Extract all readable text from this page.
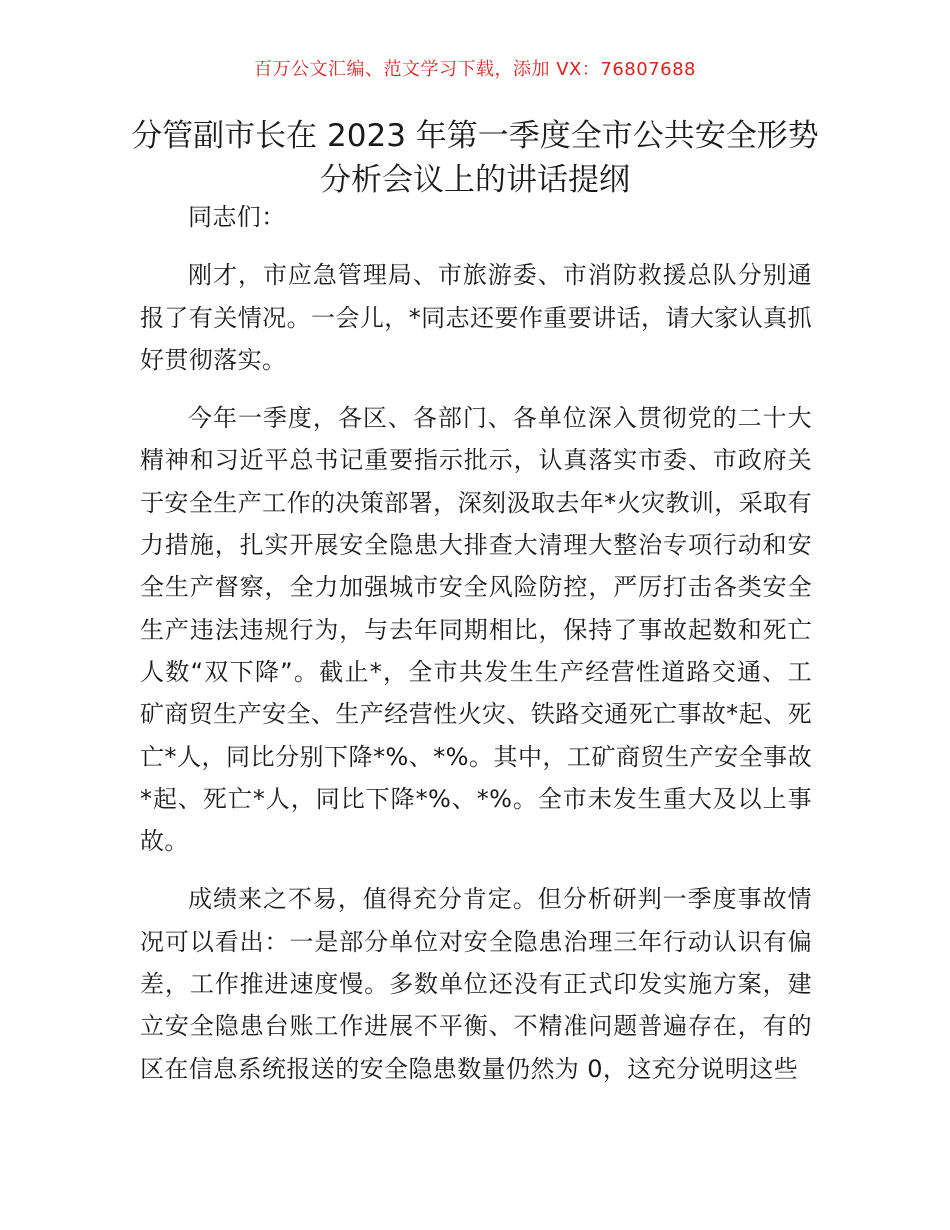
百万公文汇编、范文学习下载，添加 VX：76807688
分管副市长在 2023 年第一季度全市公共安全形势分析会议上的讲话提纲

同志们：

刚才，市应急管理局、市旅游委、市消防救援总队分别通报了有关情况。一会儿，*同志还要作重要讲话，请大家认真抓好贯彻落实。

今年一季度，各区、各部门、各单位深入贯彻党的二十大精神和习近平总书记重要指示批示，认真落实市委、市政府关于安全生产工作的决策部署，深刻汲取去年*火灾教训，采取有力措施，扎实开展安全隐患大排查大清理大整治专项行动和安全生产督察，全力加强城市安全风险防控，严厉打击各类安全生产违法违规行为，与去年同期相比，保持了事故起数和死亡人数“双下降”。截止*，全市共发生生产经营性道路交通、工矿商贸生产安全、生产经营性火灾、铁路交通死亡事故*起、死亡*人，同比分别下降*%、*%。其中，工矿商贸生产安全事故*起、死亡*人，同比下降*%、*%。全市未发生重大及以上事故。

成绩来之不易，值得充分肯定。但分析研判一季度事故情况可以看出：一是部分单位对安全隐患治理三年行动认识有偏差，工作推进速度慢。多数单位还没有正式印发实施方案，建立安全隐患台账工作进展不平衡、不精准问题普遍存在，有的区在信息系统报送的安全隐患数量仍然为 0，这充分说明这些
